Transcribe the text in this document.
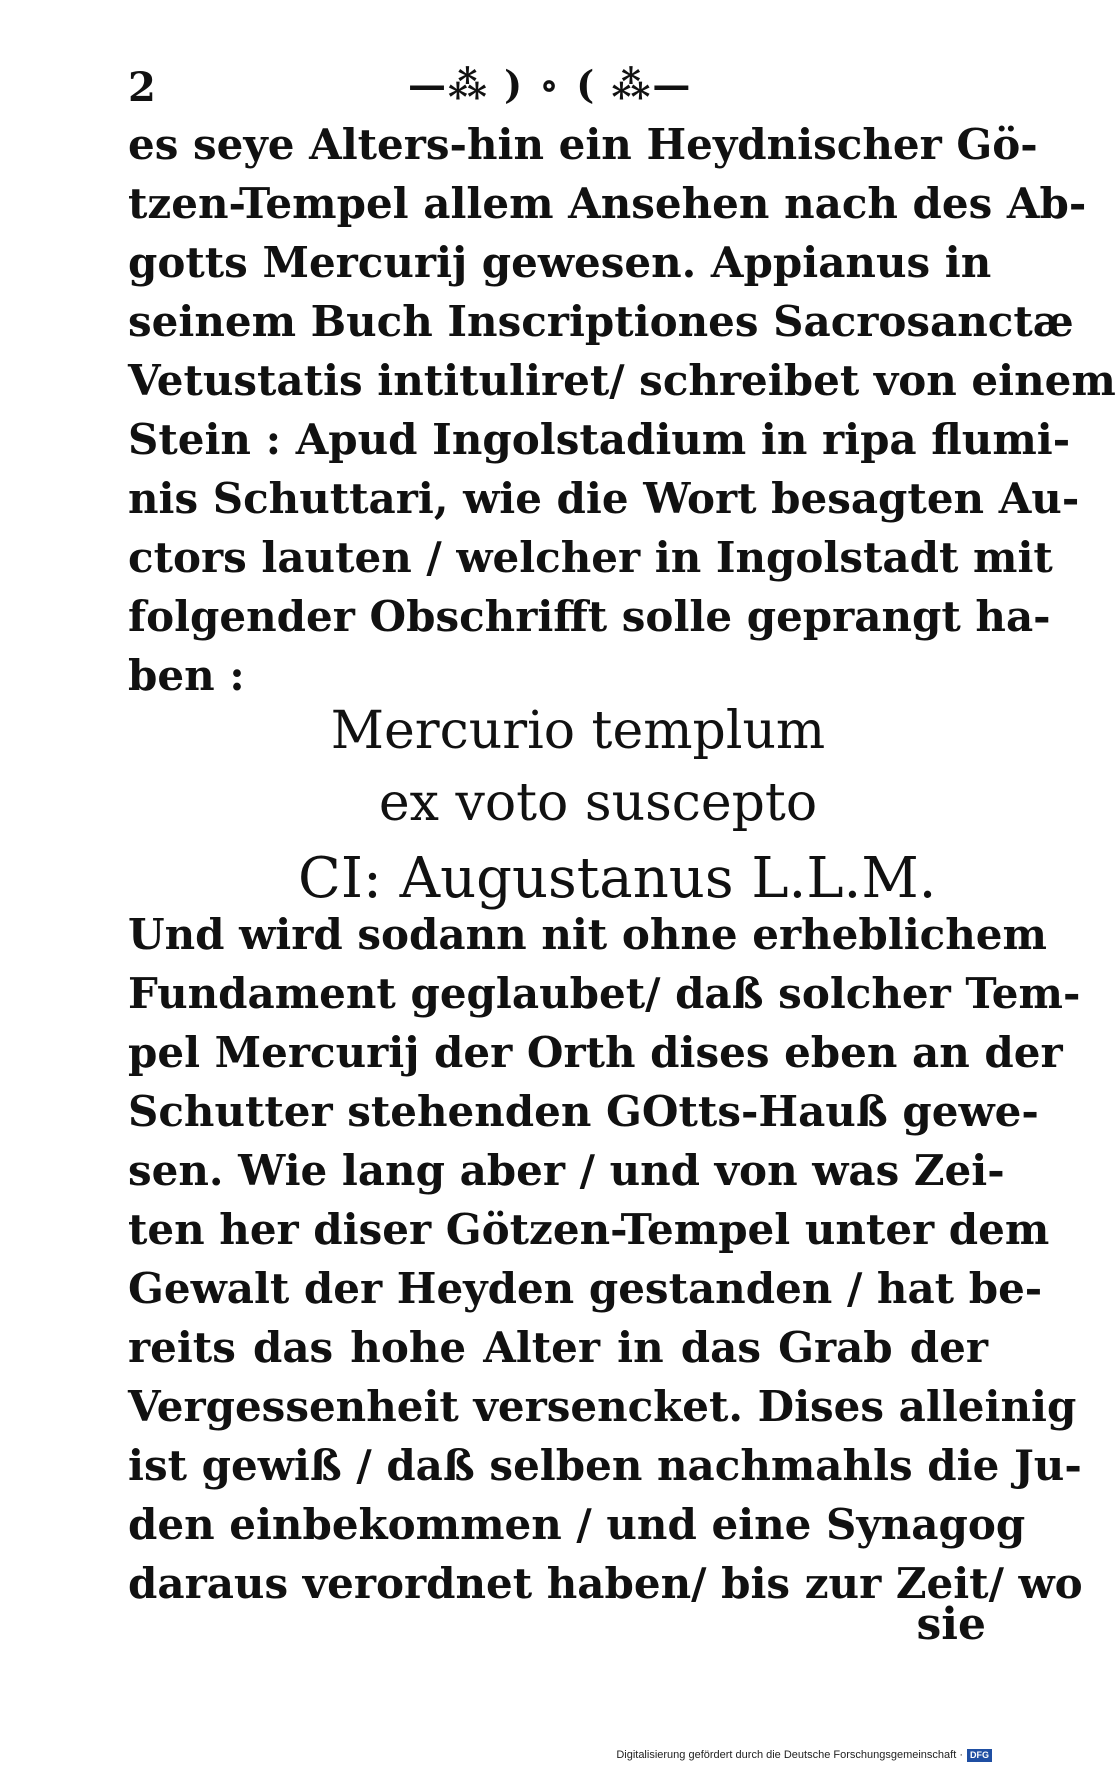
2	—⁂ ) ∘ ( ⁂—
es seye Alters-hin ein Heydnischer Gö-
tzen-Tempel allem Ansehen nach des Ab-
gotts Mercurij gewesen. Appianus in
seinem Buch Inscriptiones Sacrosanctæ
Vetustatis intituliret/ schreibet von einem
Stein : Apud Ingolstadium in ripa flumi-
nis Schuttari, wie die Wort besagten Au-
ctors lauten / welcher in Ingolstadt mit
folgender Obschrifft solle geprangt ha-
ben :
Mercurio templum
ex voto suscepto
CI: Augustanus L.L.M.
Und wird sodann nit ohne erheblichem
Fundament geglaubet/ daß solcher Tem-
pel Mercurij der Orth dises eben an der
Schutter stehenden GOtts-Hauß gewe-
sen. Wie lang aber / und von was Zei-
ten her diser Götzen-Tempel unter dem
Gewalt der Heyden gestanden / hat be-
reits das hohe Alter in das Grab der
Vergessenheit versencket. Dises alleinig
ist gewiß / daß selben nachmahls die Ju-
den einbekommen / und eine Synagog
daraus verordnet haben/ bis zur Zeit/ wo
sie
Digitalisierung gefördert durch die Deutsche Forschungsgemeinschaft · DFG
